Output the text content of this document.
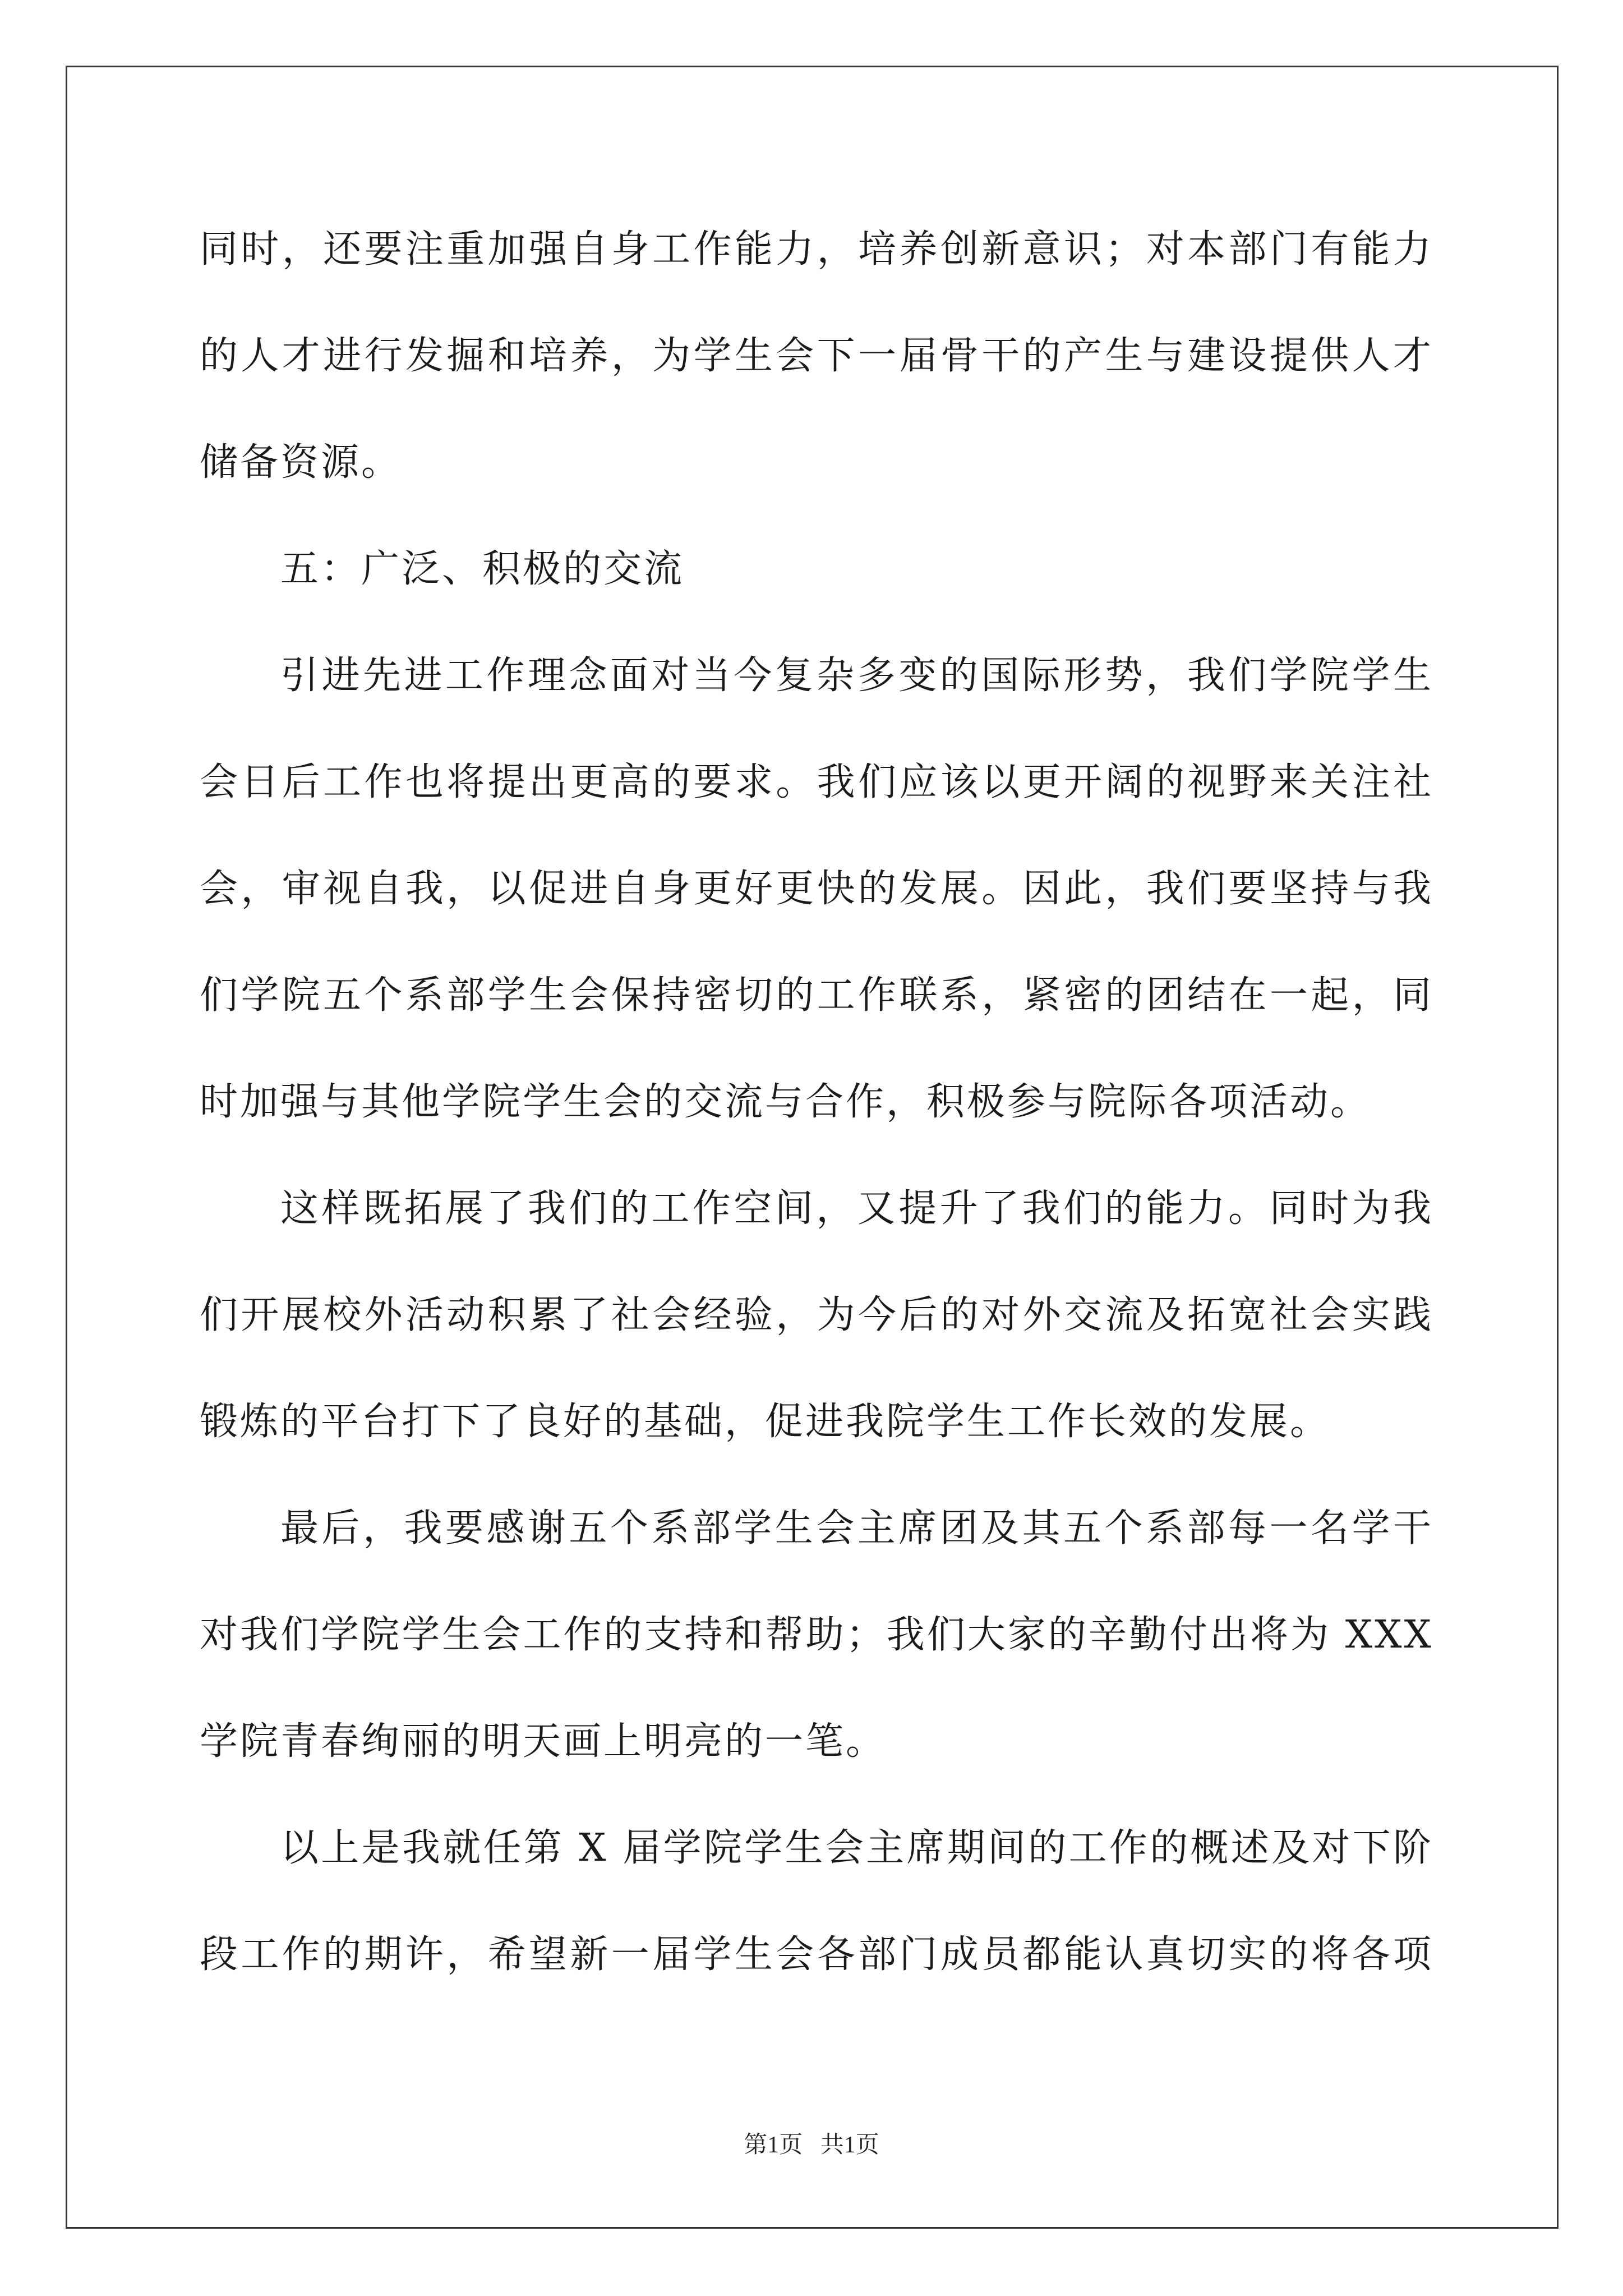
同时，还要注重加强自身工作能力，培养创新意识；对本部门有能力
的人才进行发掘和培养，为学生会下一届骨干的产生与建设提供人才
储备资源。
五：广泛、积极的交流
引进先进工作理念面对当今复杂多变的国际形势，我们学院学生
会日后工作也将提出更高的要求。我们应该以更开阔的视野来关注社
会，审视自我，以促进自身更好更快的发展。因此，我们要坚持与我
们学院五个系部学生会保持密切的工作联系，紧密的团结在一起，同
时加强与其他学院学生会的交流与合作，积极参与院际各项活动。
这样既拓展了我们的工作空间，又提升了我们的能力。同时为我
们开展校外活动积累了社会经验，为今后的对外交流及拓宽社会实践
锻炼的平台打下了良好的基础，促进我院学生工作长效的发展。
最后，我要感谢五个系部学生会主席团及其五个系部每一名学干
对我们学院学生会工作的支持和帮助；我们大家的辛勤付出将为 XXX
学院青春绚丽的明天画上明亮的一笔。
以上是我就任第 X 届学院学生会主席期间的工作的概述及对下阶
段工作的期许，希望新一届学生会各部门成员都能认真切实的将各项
第1页   共1页
